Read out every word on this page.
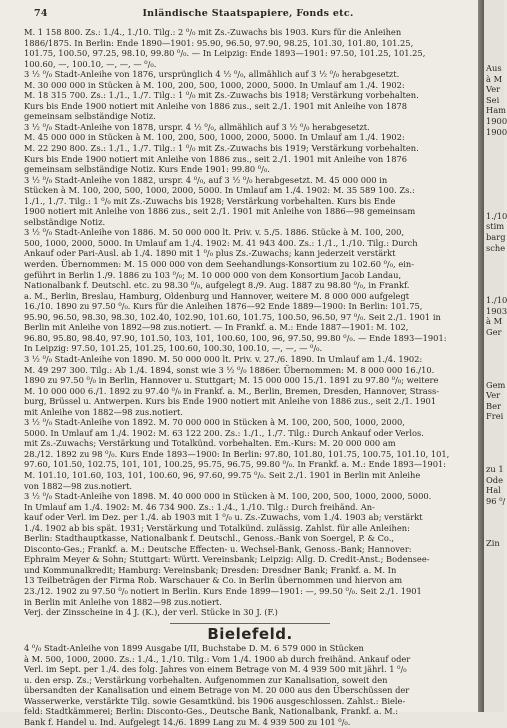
74	Inländische Staatspapiere, Fonds etc.
M. 1 158 800. Zs.: 1./4., 1./10. Tilg.: 2 ⁰/₀ mit Zs.-Zuwachs bis 1903. Kurs für die Anleihen
1886/1875. In Berlin: Ende 1890—1901: 95.90, 96.50, 97.90, 98.25, 101.30, 101.80, 101.25,
101.75, 100.50, 97.25, 98.10, 99.80 ⁰/₀. — In Leipzig: Ende 1893—1901: 97.50, 101.25, 101.25,
100.60, —, 100.10, —, —, — ⁰/₀.
3 ½ ⁰/₀ Stadt-Anleihe von 1876, ursprünglich 4 ½ ⁰/₀, allmählich auf 3 ½ ⁰/₀ herabgesetzt.
M. 30 000 000 in Stücken à M. 100, 200, 500, 1000, 2000, 5000. In Umlauf am 1./4. 1902:
M. 18 315 700. Zs.: 1./1., 1./7. Tilg.: 1 ⁰/₀ mit Zs.-Zuwachs bis 1918; Verstärkung vorbehalten.
Kurs bis Ende 1900 notiert mit Anleihe von 1886 zus., seit 2./1. 1901 mit Anleihe von 1878
gemeinsam selbständige Notiz.
3 ½ ⁰/₀ Stadt-Anleihe von 1878, urspr. 4 ½ ⁰/₀, allmählich auf 3 ½ ⁰/₀ herabgesetzt.
M. 45 000 000 in Stücken à M. 100, 200, 500, 1000, 2000, 5000. In Umlauf am 1./4. 1902:
M. 22 290 800. Zs.: 1./1., 1./7. Tilg.: 1 ⁰/₀ mit Zs.-Zuwachs bis 1919; Verstärkung vorbehalten.
Kurs bis Ende 1900 notiert mit Anleihe von 1886 zus., seit 2./1. 1901 mit Anleihe von 1876
gemeinsam selbständige Notiz. Kurs Ende 1901: 99.80 ⁰/₀.
3 ½ ⁰/₀ Stadt-Anleihe von 1882, urspr. 4 ⁰/₀, auf 3 ½ ⁰/₀ herabgesetzt. M. 45 000 000 in
Stücken à M. 100, 200, 500, 1000, 2000, 5000. In Umlauf am 1./4. 1902: M. 35 589 100. Zs.:
1./1., 1./7. Tilg.: 1 ⁰/₀ mit Zs.-Zuwachs bis 1928; Verstärkung vorbehalten. Kurs bis Ende
1900 notiert mit Anleihe von 1886 zus., seit 2./1. 1901 mit Anleihe von 1886—98 gemeinsam
selbständige Notiz.
3 ½ ⁰/₀ Stadt-Anleihe von 1886. M. 50 000 000 lt. Priv. v. 5./5. 1886. Stücke à M. 100, 200,
500, 1000, 2000, 5000. In Umlauf am 1./4. 1902: M. 41 943 400. Zs.: 1./1., 1./10. Tilg.: Durch
Ankauf oder Pari-Ausl. ab 1./4. 1890 mit 1 ⁰/₀ plus Zs.-Zuwachs; kann jederzeit verstärkt
werden. Übernommen: M. 15 000 000 von dem Seehandlungs-Konsortium zu 102.60 ⁰/₀, ein-
geführt in Berlin 1./9. 1886 zu 103 ⁰/₀; M. 10 000 000 von dem Konsortium Jacob Landau,
Nationalbank f. Deutschl. etc. zu 98.30 ⁰/₀, aufgelegt 8./9. Aug. 1887 zu 98.80 ⁰/₀, in Frankf.
a. M., Berlin, Breslau, Hamburg, Oldenburg und Hannover, weitere M. 8 000 000 aufgelegt
16./10. 1890 zu 97.50 ⁰/₀. Kurs für die Anleihen 1876—92 Ende 1889—1900: In Berlin: 101.75,
95.90, 96.50, 98.30, 98.30, 102.40, 102.90, 101.60, 101.75, 100.50, 96.50, 97 ⁰/₀. Seit 2./1. 1901 in
Berlin mit Anleihe von 1892—98 zus.notiert. — In Frankf. a. M.: Ende 1887—1901: M. 102,
96.80, 95.80, 98.40, 97.90, 101.50, 103, 101, 100.60, 100, 96, 97.50, 99.80 ⁰/₀. — Ende 1893—1901:
In Leipzig: 97.50, 101.25, 101.25, 100.60, 100.30, 100.10, —, —, — ⁰/₀.
3 ½ ⁰/₀ Stadt-Anleihe von 1890. M. 50 000 000 lt. Priv. v. 27./6. 1890. In Umlauf am 1./4. 1902:
M. 49 297 300. Tilg.: Ab 1./4. 1894, sonst wie 3 ½ ⁰/₀ 1886er. Übernommen: M. 8 000 000 16./10.
1890 zu 97.50 ⁰/₀ in Berlin, Hannover u. Stuttgart; M. 15 000 000 15./1. 1891 zu 97.80 ⁰/₀; weitere
M. 10 000 000 6./1. 1892 zu 97.40 ⁰/₀ in Frankf. a. M., Berlin, Bremen, Dresden, Hannover, Strass-
burg, Brüssel u. Antwerpen. Kurs bis Ende 1900 notiert mit Anleihe von 1886 zus., seit 2./1. 1901
mit Anleihe von 1882—98 zus.notiert.
3 ½ ⁰/₀ Stadt-Anleihe von 1892. M. 70 000 000 in Stücken à M. 100, 200, 500, 1000, 2000,
5000. In Umlauf am 1./4. 1902: M. 63 122 200. Zs.: 1./1., 1./7. Tilg.: Durch Ankauf oder Verlos.
mit Zs.-Zuwachs; Verstärkung und Totalkünd. vorbehalten. Em.-Kurs: M. 20 000 000 am
28./12. 1892 zu 98 ⁰/₀. Kurs Ende 1893—1900: In Berlin: 97.80, 101.80, 101.75, 100.75, 101.10, 101,
97.60, 101.50, 102.75, 101, 101, 100.25, 95.75, 96.75, 99.80 ⁰/₀. In Frankf. a. M.: Ende 1893—1901:
M. 101.10, 101.60, 103, 101, 100.60, 96, 97.60, 99.75 ⁰/₀. Seit 2./1. 1901 in Berlin mit Anleihe
von 1882—98 zus.notiert.
3 ½ ⁰/₀ Stadt-Anleihe von 1898. M. 40 000 000 in Stücken à M. 100, 200, 500, 1000, 2000, 5000.
In Umlauf am 1./4. 1902: M. 46 734 900. Zs.: 1./4., 1./10. Tilg.: Durch freihänd. An-
kauf oder Verl. im Dez. per 1./4. ab 1903 mit 1 ⁰/₀ u. Zs.-Zuwachs, vom 1./4. 1903 ab; verstärkt
1./4. 1902 ab bis spät. 1931; Verstärkung und Totalkünd. zulässig. Zahlst. für alle Anleihen:
Berlin: Stadthauptkasse, Nationalbank f. Deutschl., Genoss.-Bank von Soergel, P. & Co.,
Disconto-Ges.; Frankf. a. M.: Deutsche Effecten- u. Wechsel-Bank, Genoss.-Bank; Hannover:
Ephraim Meyer & Sohn; Stuttgart: Württ. Vereinsbank; Leipzig: Allg. D. Credit-Anst.; Bodensee-
und Kommunalkredit; Hamburg: Vereinsbank; Dresden: Dresdner Bank; Frankf. a. M. In
13 Teilbeträgen der Firma Rob. Warschauer & Co. in Berlin übernommen und hiervon am
23./12. 1902 zu 97.50 ⁰/₀ notiert in Berlin. Kurs Ende 1899—1901: —, 99.50 ⁰/₀. Seit 2./1. 1901
in Berlin mit Anleihe von 1882—98 zus.notiert.
Verj. der Zinsscheine in 4 J. (K.), der verl. Stücke in 30 J. (F.)
Bielefeld.
4 ⁰/₀ Stadt-Anleihe von 1899 Ausgabe I/II, Buchstabe D. M. 6 579 000 in Stücken
à M. 500, 1000, 2000. Zs.: 1./4., 1./10. Tilg.: Vom 1./4. 1900 ab durch freihänd. Ankauf oder
Verl. im Sept. per 1./4. des folg. Jahres von einem Betrage von M. 4 939 500 mit jährl. 1 ⁰/₀
u. den ersp. Zs.; Verstärkung vorbehalten. Aufgenommen zur Kanalisation, soweit den
übersandten der Kanalisation und einem Betrage von M. 20 000 aus den Überschüssen der
Wasserwerke, verstärkte Tilg. sowie Gesamtkünd. bis 1906 ausgeschlossen. Zahlst.: Biele-
feld: Stadtkämmerei; Berlin: Disconto-Ges., Deutsche Bank, Nationalbank, Frankf. a. M.:
Bank f. Handel u. Ind. Aufgelegt 14./6. 1899 Lang zu M. 4 939 500 zu 101 ⁰/₀.
Aus
à M
Ver
Sei
Ham
1900
1900
1./10
stim
barg
sche
1./10
1903
à M
Ger
Gem
Ver
Ber
Frei
zu 1
Ode
Hal
96 ⁰/
Zin
